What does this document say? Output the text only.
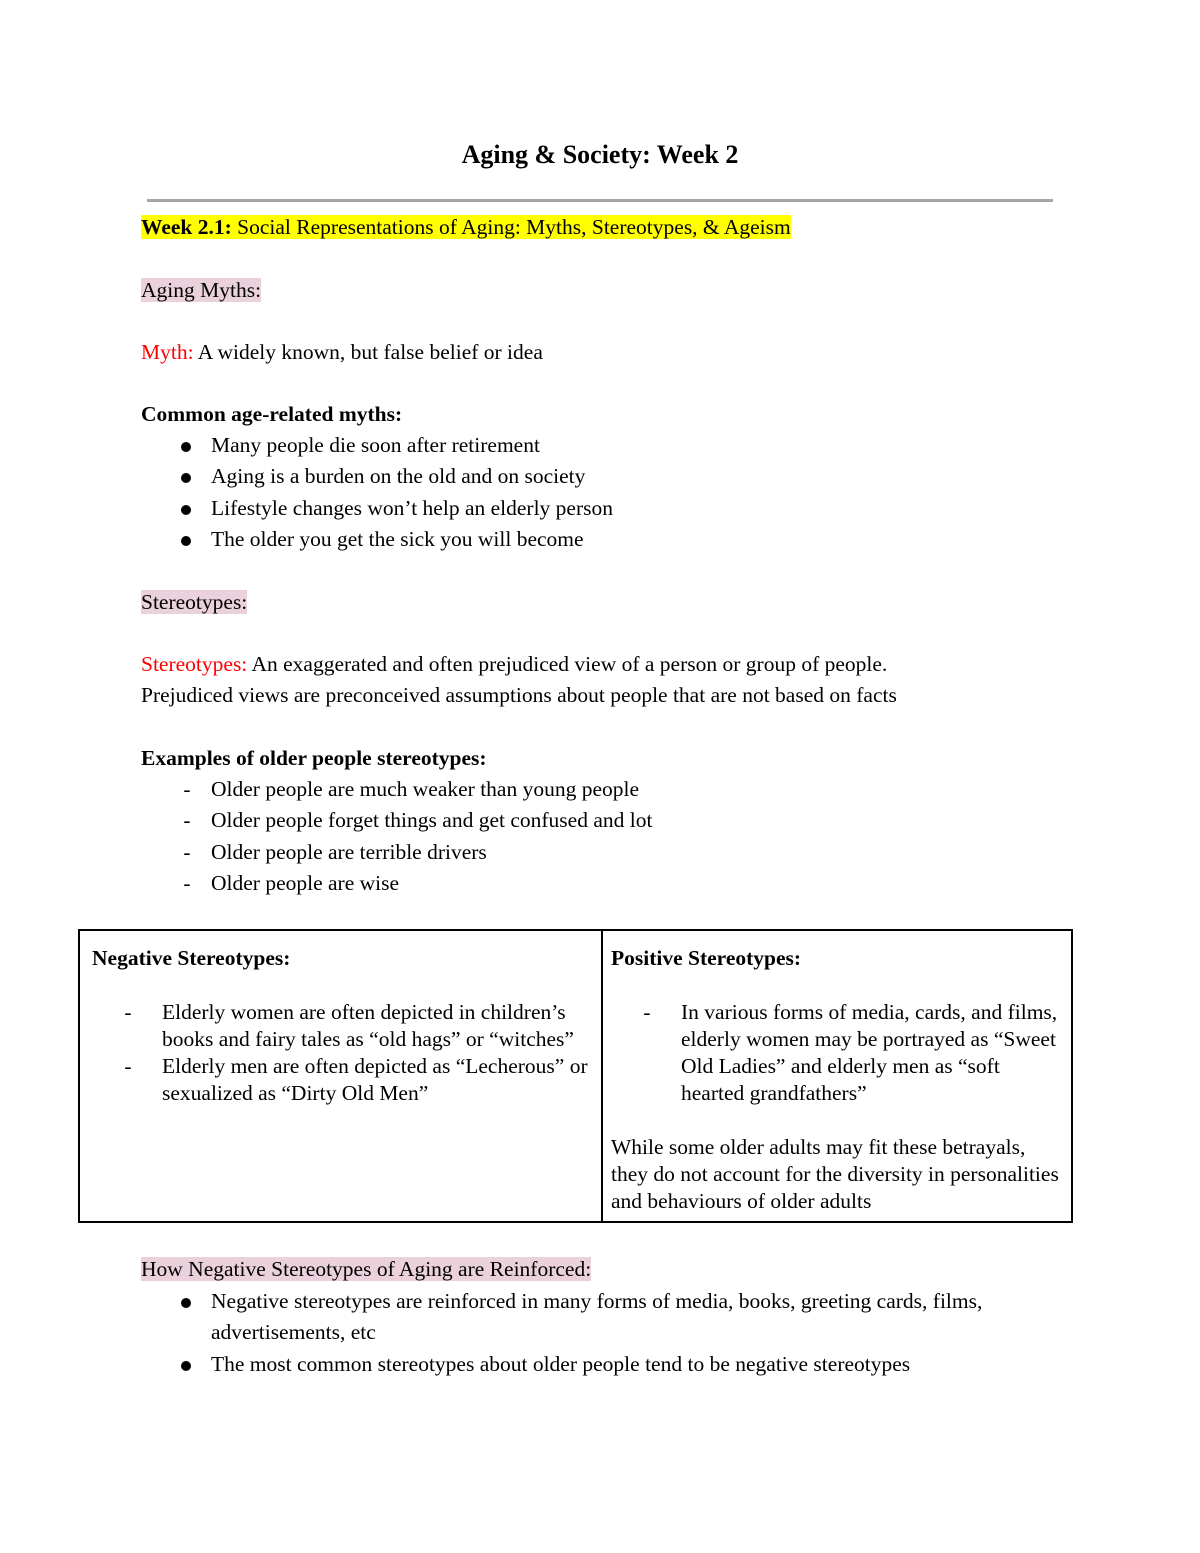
Aging & Society: Week 2
Week 2.1: Social Representations of Aging: Myths, Stereotypes, & Ageism
Aging Myths:
Myth: A widely known, but false belief or idea
Common age-related myths:
Many people die soon after retirement
Aging is a burden on the old and on society
Lifestyle changes won’t help an elderly person
The older you get the sick you will become
Stereotypes:
Stereotypes: An exaggerated and often prejudiced view of a person or group of people.
Prejudiced views are preconceived assumptions about people that are not based on facts
Examples of older people stereotypes:
- Older people are much weaker than young people
- Older people forget things and get confused and lot
- Older people are terrible drivers
- Older people are wise
Negative Stereotypes:
- Elderly women are often depicted in children’s books and fairy tales as “old hags” or “witches”
- Elderly men are often depicted as “Lecherous” or sexualized as “Dirty Old Men”
Positive Stereotypes:
- In various forms of media, cards, and films, elderly women may be portrayed as “Sweet Old Ladies” and elderly men as “soft hearted grandfathers”

While some older adults may fit these betrayals, they do not account for the diversity in personalities and behaviours of older adults

How Negative Stereotypes of Aging are Reinforced:
Negative stereotypes are reinforced in many forms of media, books, greeting cards, films, advertisements, etc
The most common stereotypes about older people tend to be negative stereotypes
